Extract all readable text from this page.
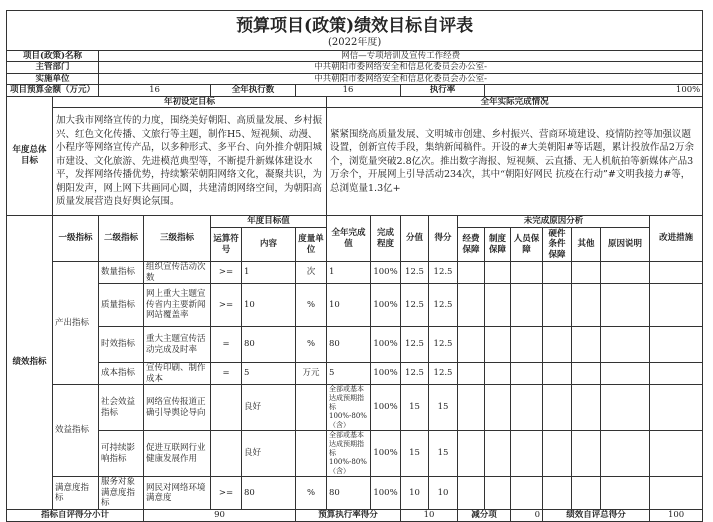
预算项目(政策)绩效目标自评表																	
(2022年度)																	
项目(政策)名称		网信—专项培训及宣传工作经费															
主管部门		中共朝阳市委网络安全和信息化委员会办公室-															
实施单位		中共朝阳市委网络安全和信息化委员会办公室-															
项目预算金额（万元）		16		全年执行数		16			执行率			100%					
年度总体目标	年初设定目标						全年实际完成情况										
	加大我市网络宣传的力度，围绕美好朝阳、高质量发展、乡村振兴、红色文化传播、文旅行等主题，制作H5、短视频、动漫、小程序等网络宣传产品，以多种形式、多平台、向外推介朝阳城市建设、文化旅游、先进模范典型等，不断提升新媒体建设水平，发挥网络传播优势，持续繁荣朝阳网络文化，凝聚共识，为朝阳发声，网上网下共画同心圆，共建清朗网络空间，为朝阳高质量发展营造良好舆论氛围。						紧紧围绕高质量发展、文明城市创建、乡村振兴、营商环境建设、疫情防控等加强议题设置，创新宣传手段，集纳新闻稿件。开设的#大美朝阳#等话题，累计投放作品2万余个，浏览量突破2.8亿次。推出数字海报、短视频、云直播、无人机航拍等新媒体产品3万余个，开展网上引导活动234次，其中“朝阳好网民 抗疫在行动”#文明我接力#等，总浏览量1.3亿+										
绩效指标	一级指标	二级指标	三级指标	年度目标值			全年完成值	完成程度	分值	得分	未完成原因分析						改进措施
				运算符号	内容	度量单位					经费保障	制度保障	人员保障	硬件条件保障	其他	原因说明	
	产出指标	数量指标	组织宣传活动次数	>=	1	次	1	100%	12.5	12.5							
		质量指标	网上重大主题宣传省内主要新闻网站覆盖率	>=	10	%	10	100%	12.5	12.5							
		时效指标	重大主题宣传活动完成及时率	=	80	%	80	100%	12.5	12.5							
		成本指标	宣传印刷、制作成本	=	5	万元	5	100%	12.5	12.5							
	效益指标	社会效益指标	网络宣传报道正确引导舆论导向		良好		全部或基本达成预期指标100%-80%（含）	100%	15	15							
		可持续影响指标	促进互联网行业健康发展作用		良好		全部或基本达成预期指标100%-80%（含）	100%	15	15							
	满意度指标	服务对象满意度指标	网民对网络环境满意度	>=	80	%	80	100%	10	10							
指标自评得分小计			90			预算执行率得分			10		减分项		0	绩效自评总得分			100
